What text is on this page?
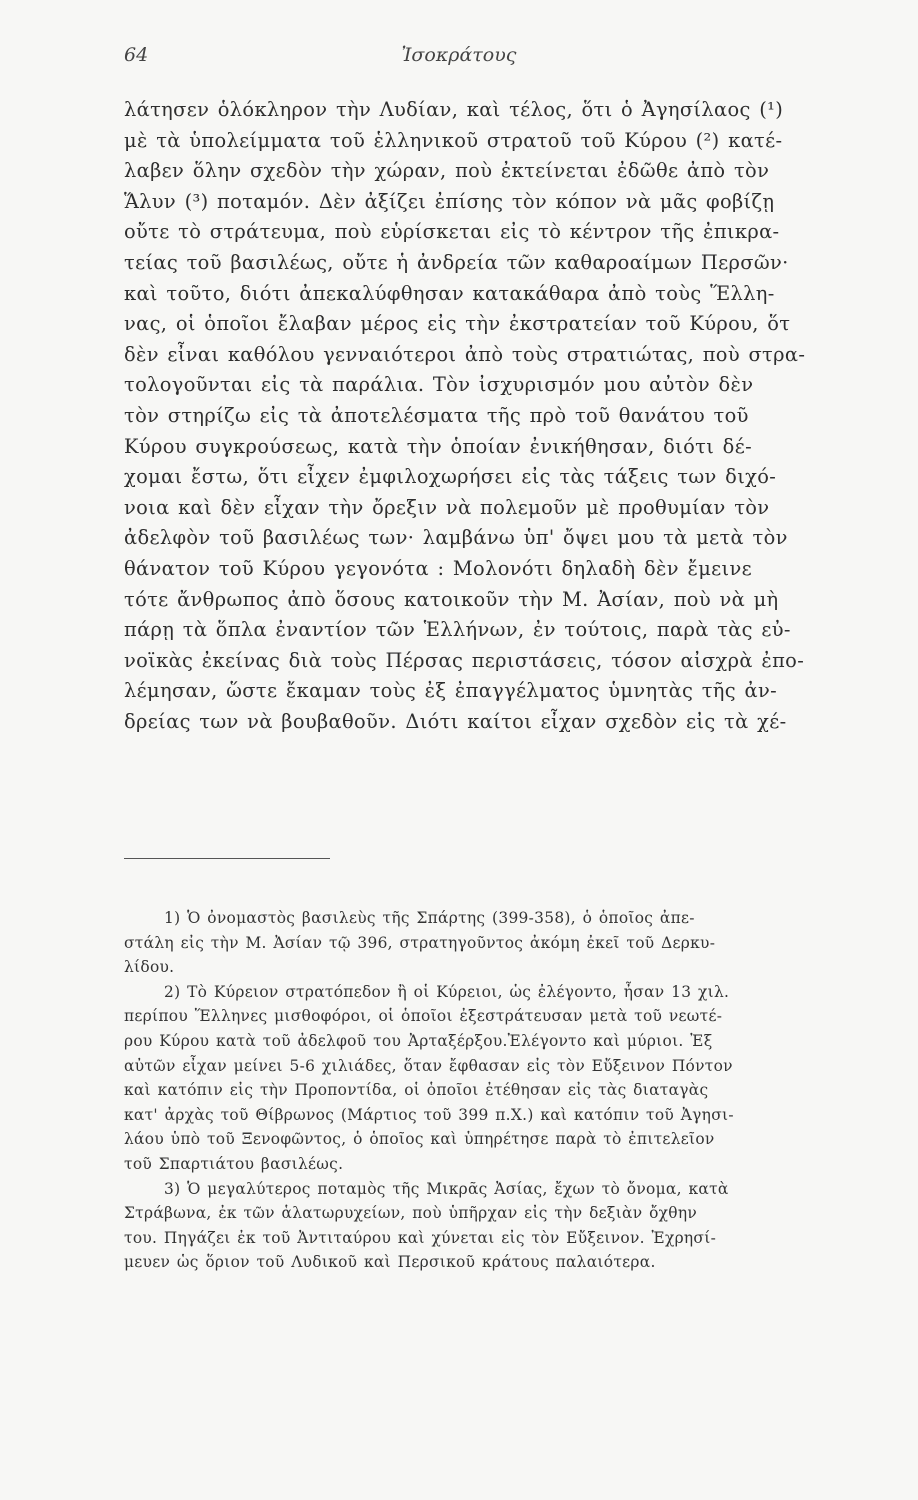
64	Ἰσοκράτους
λάτησεν ὁλόκληρον τὴν Λυδίαν, καὶ τέλος, ὅτι ὁ Ἀγησίλαος (¹)
μὲ τὰ ὑπολείμματα τοῦ ἑλληνικοῦ στρατοῦ τοῦ Κύρου (²) κατέ-
λαβεν ὅλην σχεδὸν τὴν χώραν, ποὺ ἐκτείνεται ἐδῶθε ἀπὸ τὸν
Ἅλυν (³) ποταμόν. Δὲν ἀξίζει ἐπίσης τὸν κόπον νὰ μᾶς φοβίζῃ
οὔτε τὸ στράτευμα, ποὺ εὑρίσκεται εἰς τὸ κέντρον τῆς ἐπικρα-
τείας τοῦ βασιλέως, οὔτε ἡ ἀνδρεία τῶν καθαροαίμων Περσῶν·
καὶ τοῦτο, διότι ἀπεκαλύφθησαν κατακάθαρα ἀπὸ τοὺς Ἕλλη-
νας, οἱ ὁποῖοι ἔλαβαν μέρος εἰς τὴν ἐκστρατείαν τοῦ Κύρου, ὅτ
δὲν εἶναι καθόλου γενναιότεροι ἀπὸ τοὺς στρατιώτας, ποὺ στρα-
τολογοῦνται εἰς τὰ παράλια. Τὸν ἰσχυρισμόν μου αὐτὸν δὲν
τὸν στηρίζω εἰς τὰ ἀποτελέσματα τῆς πρὸ τοῦ θανάτου τοῦ
Κύρου συγκρούσεως, κατὰ τὴν ὁποίαν ἐνικήθησαν, διότι δέ-
χομαι ἔστω, ὅτι εἶχεν ἐμφιλοχωρήσει εἰς τὰς τάξεις των διχό-
νοια καὶ δὲν εἶχαν τὴν ὄρεξιν νὰ πολεμοῦν μὲ προθυμίαν τὸν
ἀδελφὸν τοῦ βασιλέως των· λαμβάνω ὑπ' ὄψει μου τὰ μετὰ τὸν
θάνατον τοῦ Κύρου γεγονότα : Μολονότι δηλαδὴ δὲν ἔμεινε
τότε ἄνθρωπος ἀπὸ ὅσους κατοικοῦν τὴν Μ. Ἀσίαν, ποὺ νὰ μὴ
πάρῃ τὰ ὅπλα ἐναντίον τῶν Ἑλλήνων, ἐν τούτοις, παρὰ τὰς εὐ-
νοϊκὰς ἐκείνας διὰ τοὺς Πέρσας περιστάσεις, τόσον αἰσχρὰ ἐπο-
λέμησαν, ὥστε ἔκαμαν τοὺς ἐξ ἐπαγγέλματος ὑμνητὰς τῆς ἀν-
δρείας των νὰ βουβαθοῦν. Διότι καίτοι εἶχαν σχεδὸν εἰς τὰ χέ-
1) Ὁ ὀνομαστὸς βασιλεὺς τῆς Σπάρτης (399-358), ὁ ὁποῖος ἀπε-
στάλη εἰς τὴν Μ. Ἀσίαν τῷ 396, στρατηγοῦντος ἀκόμη ἐκεῖ τοῦ Δερκυ-
λίδου.
2) Τὸ Κύρειον στρατόπεδον ἢ οἱ Κύρειοι, ὡς ἐλέγοντο, ἦσαν 13 χιλ.
περίπου Ἕλληνες μισθοφόροι, οἱ ὁποῖοι ἐξεστράτευσαν μετὰ τοῦ νεωτέ-
ρου Κύρου κατὰ τοῦ ἀδελφοῦ του Ἀρταξέρξου.Ἐλέγοντο καὶ μύριοι. Ἐξ
αὐτῶν εἶχαν μείνει 5-6 χιλιάδες, ὅταν ἔφθασαν εἰς τὸν Εὔξεινον Πόντον
καὶ κατόπιν εἰς τὴν Προποντίδα, οἱ ὁποῖοι ἐτέθησαν εἰς τὰς διαταγὰς
κατ' ἀρχὰς τοῦ Θίβρωνος (Μάρτιος τοῦ 399 π.Χ.) καὶ κατόπιν τοῦ Ἀγησι-
λάου ὑπὸ τοῦ Ξενοφῶντος, ὁ ὁποῖος καὶ ὑπηρέτησε παρὰ τὸ ἐπιτελεῖον
τοῦ Σπαρτιάτου βασιλέως.
3) Ὁ μεγαλύτερος ποταμὸς τῆς Μικρᾶς Ἀσίας, ἔχων τὸ ὄνομα, κατὰ
Στράβωνα, ἐκ τῶν ἁλατωρυχείων, ποὺ ὑπῆρχαν εἰς τὴν δεξιὰν ὄχθην
του. Πηγάζει ἐκ τοῦ Ἀντιταύρου καὶ χύνεται εἰς τὸν Εὔξεινον. Ἐχρησί-
μευεν ὡς ὅριον τοῦ Λυδικοῦ καὶ Περσικοῦ κράτους παλαιότερα.
